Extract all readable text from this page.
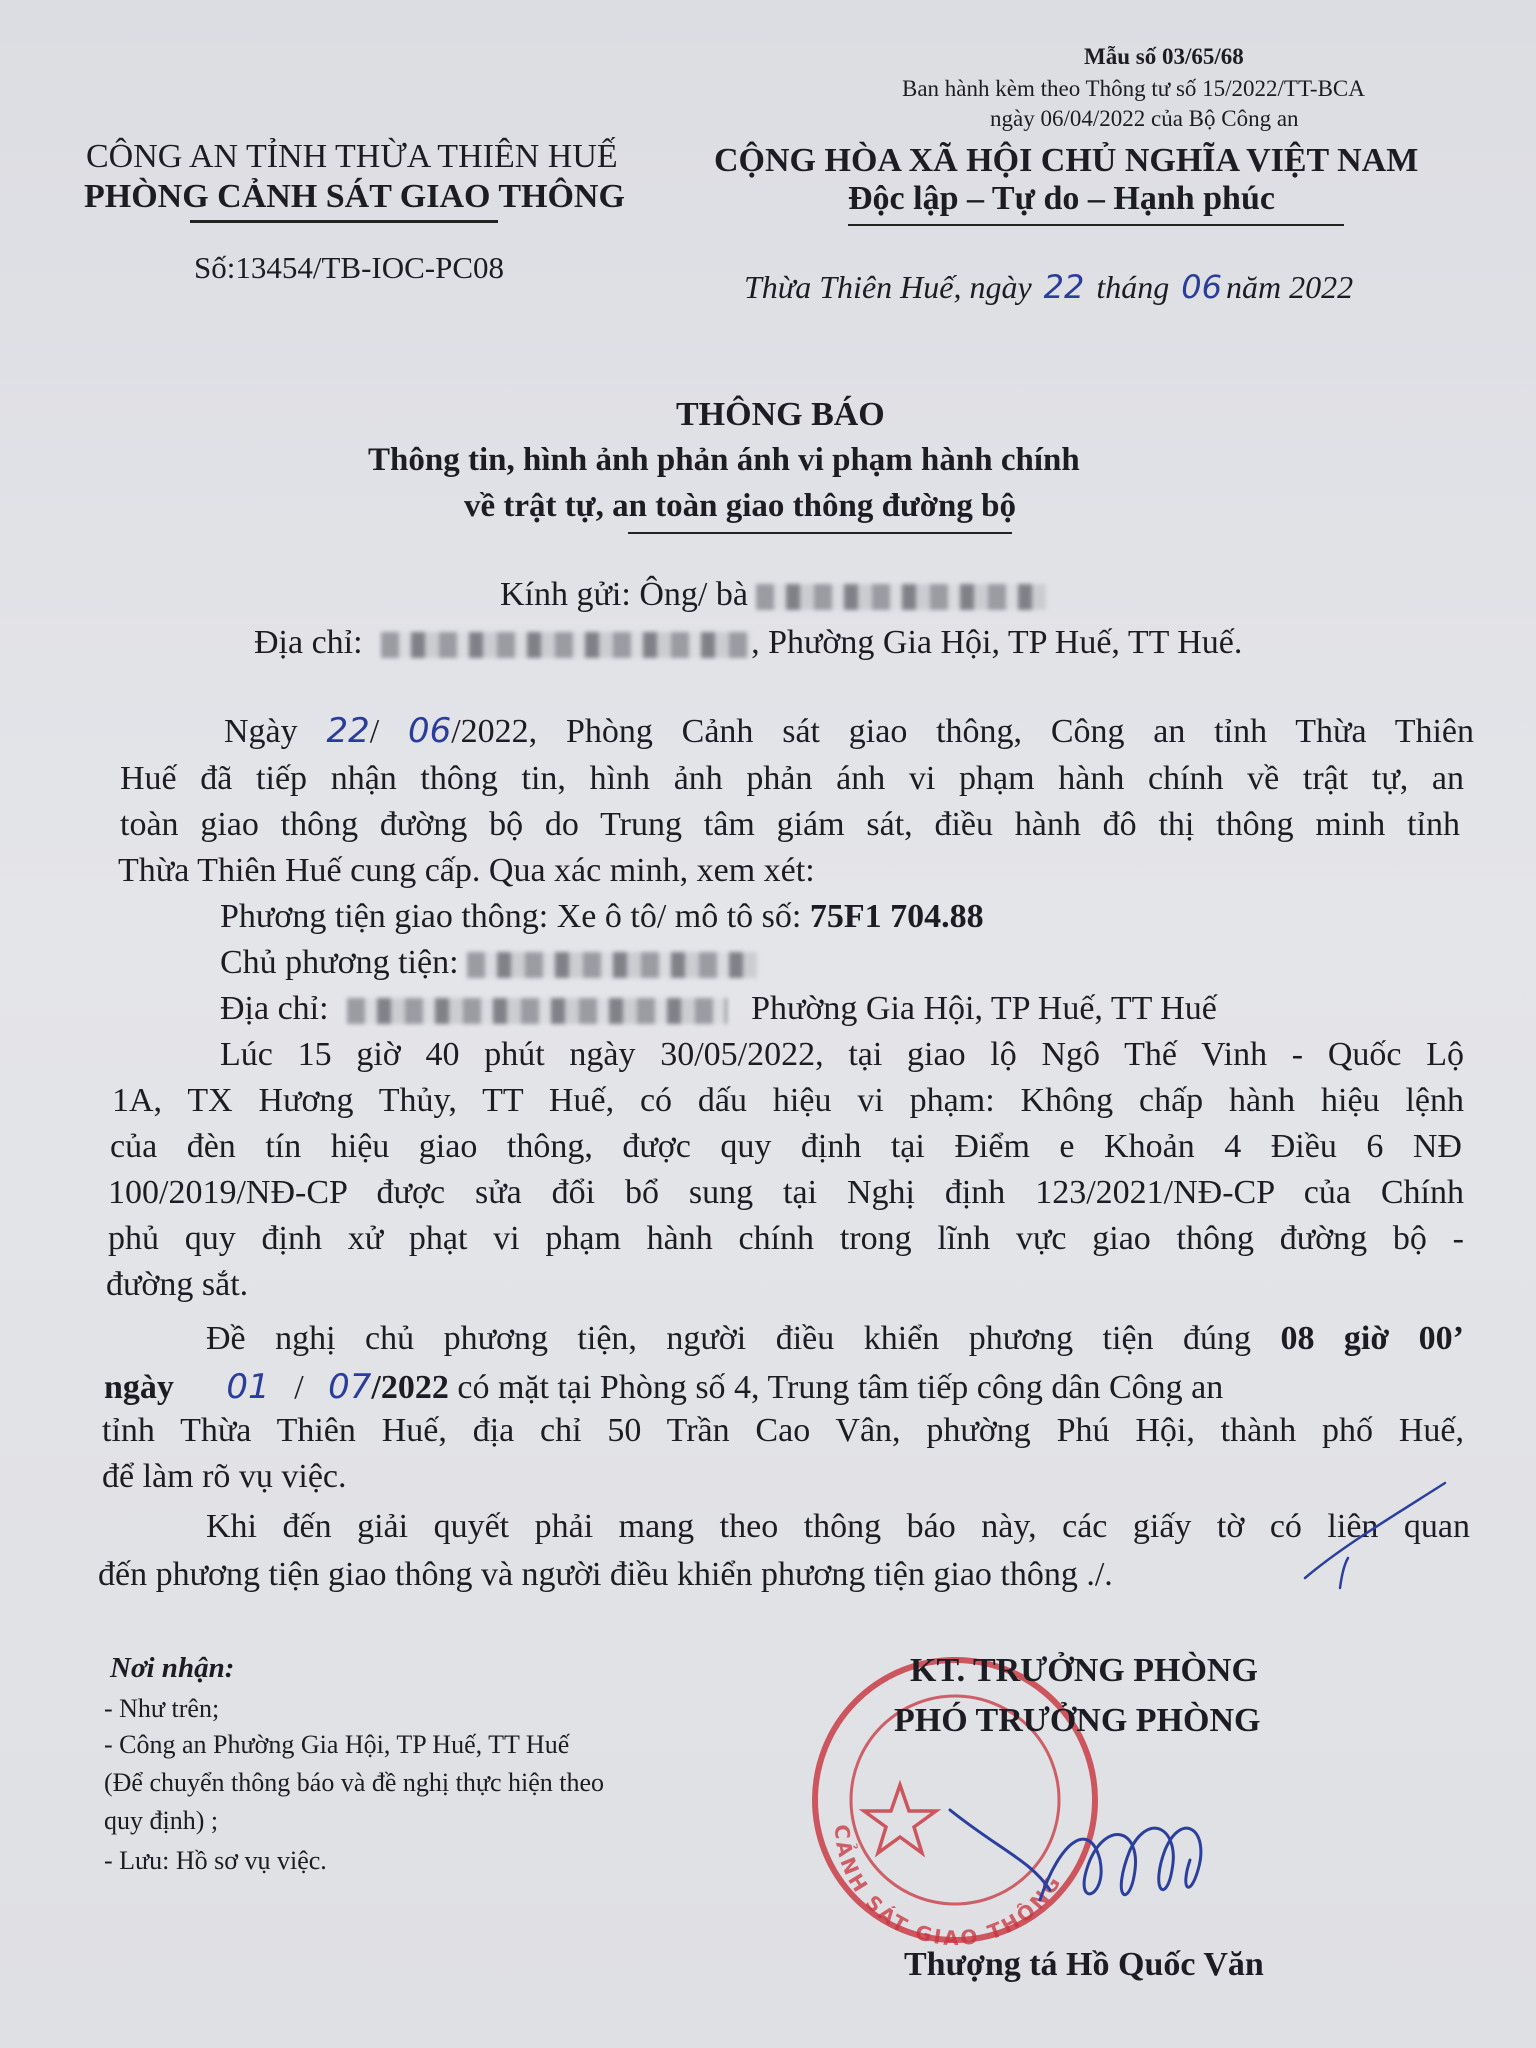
Mẫu số 03/65/68
Ban hành kèm theo Thông tư số 15/2022/TT-BCA
ngày 06/04/2022 của Bộ Công an
CÔNG AN TỈNH THỪA THIÊN HUẾ
PHÒNG CẢNH SÁT GIAO THÔNG
Số:13454/TB-IOC-PC08
CỘNG HÒA XÃ HỘI CHỦ NGHĨA VIỆT NAM
Độc lập – Tự do – Hạnh phúc
Thừa Thiên Huế, ngày 22 tháng 06 năm 2022
THÔNG BÁO
Thông tin, hình ảnh phản ánh vi phạm hành chính
về trật tự, an toàn giao thông đường bộ
Kính gửi: Ông/ bà
Địa chỉ:	, Phường Gia Hội, TP Huế, TT Huế.
Ngày 22/ 06/2022, Phòng Cảnh sát giao thông, Công an tỉnh Thừa Thiên
Huế đã tiếp nhận thông tin, hình ảnh phản ánh vi phạm hành chính về trật tự, an
toàn giao thông đường bộ do Trung tâm giám sát, điều hành đô thị thông minh tỉnh
Thừa Thiên Huế cung cấp. Qua xác minh, xem xét:
Phương tiện giao thông: Xe ô tô/ mô tô số: 75F1 704.88
Chủ phương tiện:
Địa chỉ:	Phường Gia Hội, TP Huế, TT Huế
Lúc 15 giờ 40 phút ngày 30/05/2022, tại giao lộ Ngô Thế Vinh - Quốc Lộ
1A, TX Hương Thủy, TT Huế, có dấu hiệu vi phạm: Không chấp hành hiệu lệnh
của đèn tín hiệu giao thông, được quy định tại Điểm e Khoản 4 Điều 6 NĐ
100/2019/NĐ-CP được sửa đổi bổ sung tại Nghị định 123/2021/NĐ-CP của Chính
phủ quy định xử phạt vi phạm hành chính trong lĩnh vực giao thông đường bộ -
đường sắt.
Đề nghị chủ phương tiện, người điều khiển phương tiện đúng 08 giờ 00’
ngày 01 / 07/2022 có mặt tại Phòng số 4, Trung tâm tiếp công dân Công an
tỉnh Thừa Thiên Huế, địa chỉ 50 Trần Cao Vân, phường Phú Hội, thành phố Huế,
để làm rõ vụ việc.
Khi đến giải quyết phải mang theo thông báo này, các giấy tờ có liên quan
đến phương tiện giao thông và người điều khiển phương tiện giao thông ./.
Nơi nhận:
- Như trên;
- Công an Phường Gia Hội, TP Huế, TT Huế
(Để chuyển thông báo và đề nghị thực hiện theo
quy định) ;
- Lưu: Hồ sơ vụ việc.
CẢNH SÁT GIAO THÔNG
KT. TRƯỞNG PHÒNG
PHÓ TRƯỞNG PHÒNG
Thượng tá Hồ Quốc Văn
